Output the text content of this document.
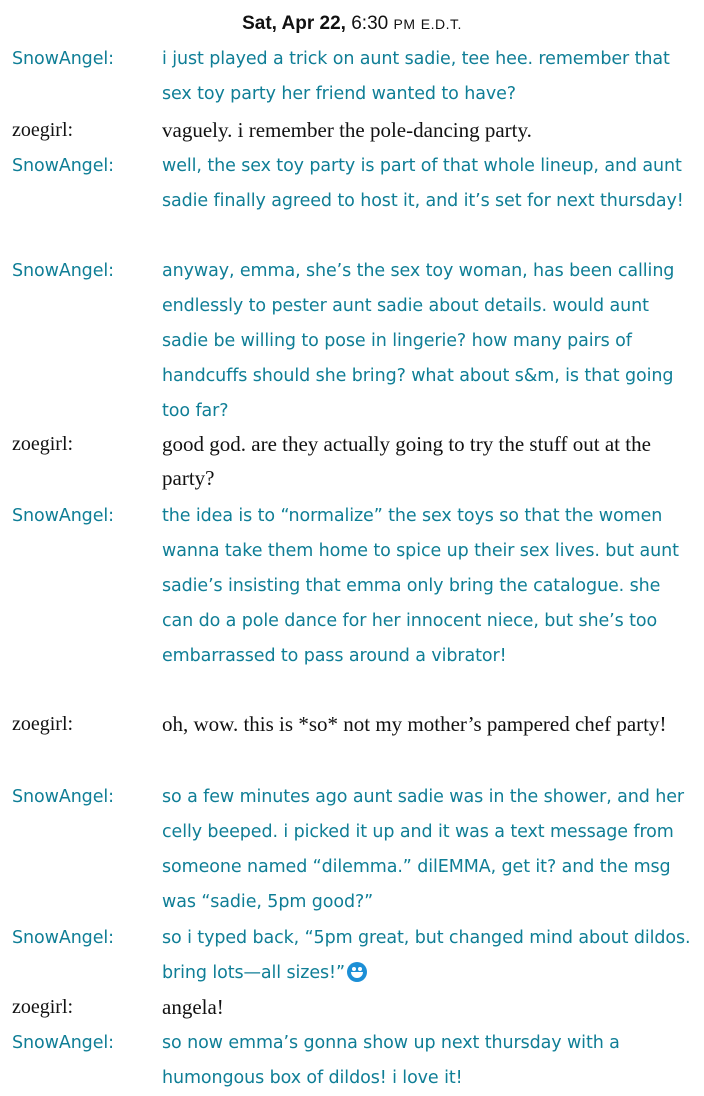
Sat, Apr 22, 6:30 PM E.D.T.
SnowAngel:	i just played a trick on aunt sadie, tee hee. remember that sex toy party her friend wanted to have?
zoegirl:	vaguely. i remember the pole-dancing party.
SnowAngel:	well, the sex toy party is part of that whole lineup, and aunt sadie finally agreed to host it, and it’s set for next thursday!
SnowAngel:	anyway, emma, she’s the sex toy woman, has been calling endlessly to pester aunt sadie about details. would aunt sadie be willing to pose in lingerie? how many pairs of handcuffs should she bring? what about s&m, is that going too far?
zoegirl:	good god. are they actually going to try the stuff out at the party?
SnowAngel:	the idea is to “normalize” the sex toys so that the women wanna take them home to spice up their sex lives. but aunt sadie’s insisting that emma only bring the catalogue. she can do a pole dance for her innocent niece, but she’s too embarrassed to pass around a vibrator!
zoegirl:	oh, wow. this is *so* not my mother’s pampered chef party!
SnowAngel:	so a few minutes ago aunt sadie was in the shower, and her celly beeped. i picked it up and it was a text message from someone named “dilemma.” dilEMMA, get it? and the msg was “sadie, 5pm good?”
SnowAngel:	so i typed back, “5pm great, but changed mind about dildos. bring lots—all sizes!”
zoegirl:	angela!
SnowAngel:	so now emma’s gonna show up next thursday with a humongous box of dildos! i love it!
